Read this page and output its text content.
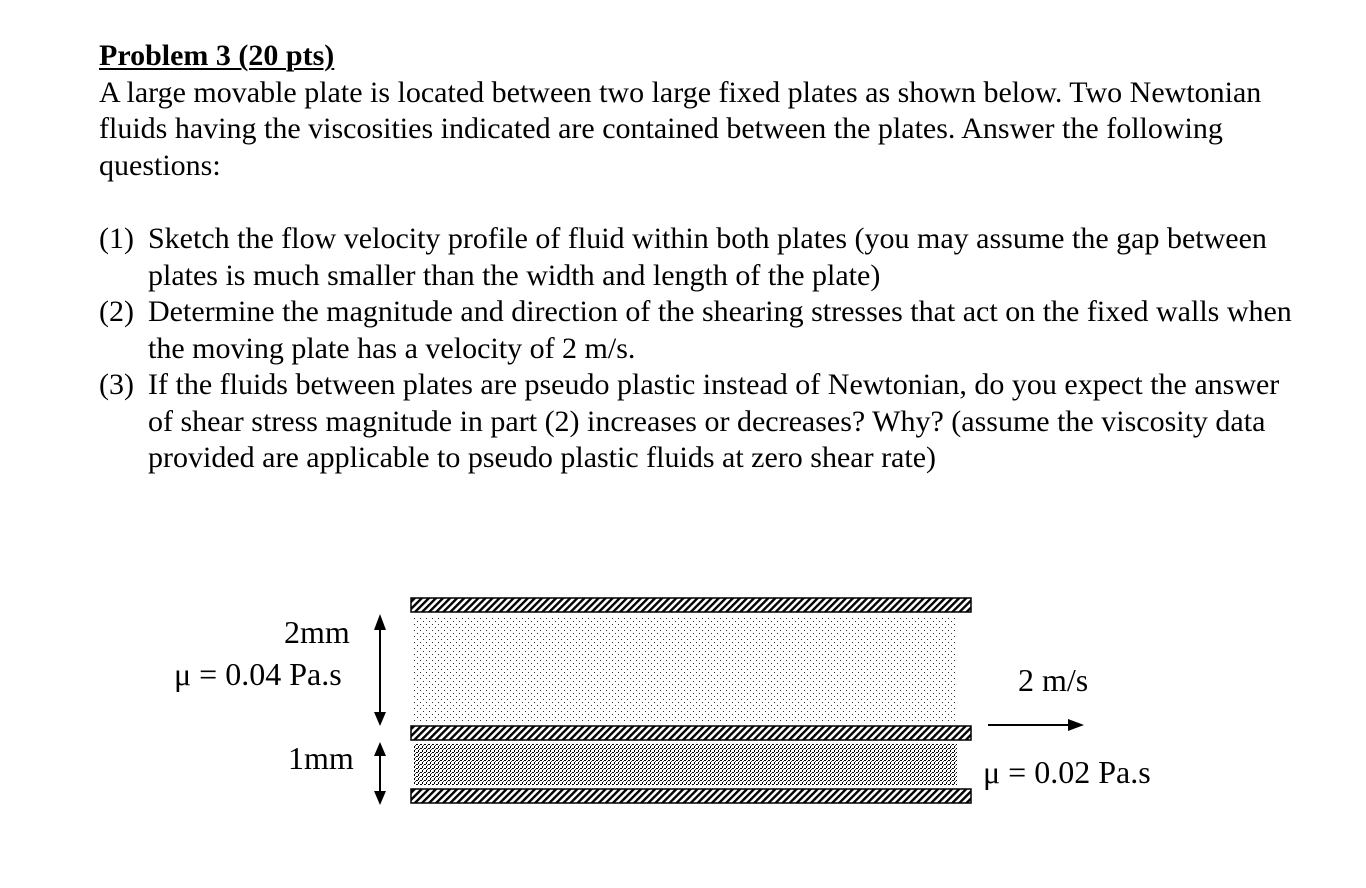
Problem 3 (20 pts)
A large movable plate is located between two large fixed plates as shown below. Two Newtonian fluids having the viscosities indicated are contained between the plates. Answer the following questions:
(1) Sketch the flow velocity profile of fluid within both plates (you may assume the gap between plates is much smaller than the width and length of the plate)
(2) Determine the magnitude and direction of the shearing stresses that act on the fixed walls when the moving plate has a velocity of 2 m/s.
(3) If the fluids between plates are pseudo plastic instead of Newtonian, do you expect the answer of shear stress magnitude in part (2) increases or decreases? Why? (assume the viscosity data provided are applicable to pseudo plastic fluids at zero shear rate)
2mm
μ = 0.04 Pa.s
1mm
2 m/s
μ = 0.02 Pa.s
